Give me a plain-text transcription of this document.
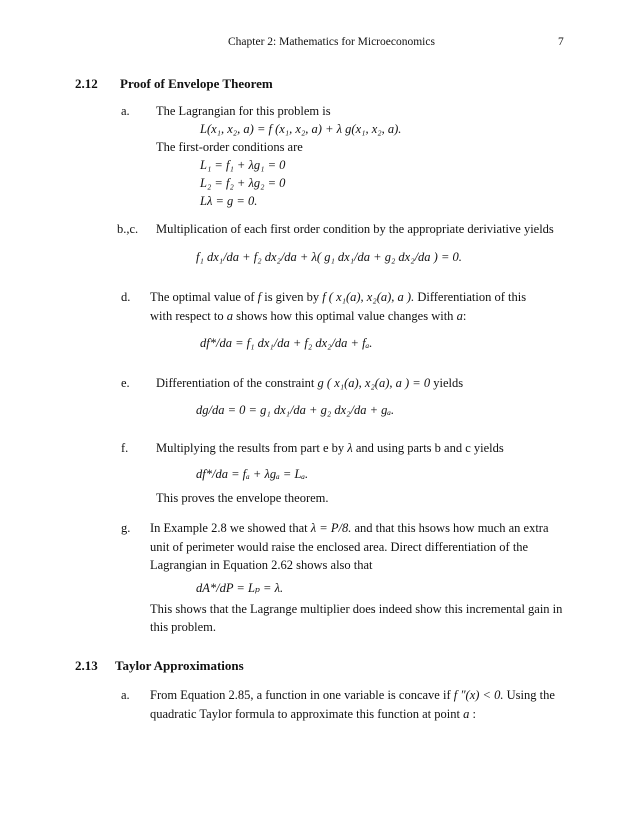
Chapter 2: Mathematics for Microeconomics	7
2.12 Proof of Envelope Theorem
a. The Lagrangian for this problem is
L(x₁, x₂, a) = f (x₁, x₂, a) + λ g(x₁, x₂, a).
The first-order conditions are
L₁ = f₁ + λg₁ = 0
L₂ = f₂ + λg₂ = 0
Lλ = g = 0.
b.,c. Multiplication of each first order condition by the appropriate deriviative yields
f₁ dx₁/da + f₂ dx₂/da + λ( g₁ dx₁/da + g₂ dx₂/da ) = 0.
d. The optimal value of f is given by f ( x₁(a), x₂(a), a ). Differentiation of this
with respect to a shows how this optimal value changes with a:
df*/da = f₁ dx₁/da + f₂ dx₂/da + fₐ.
e. Differentiation of the constraint g ( x₁(a), x₂(a), a ) = 0 yields
dg/da = 0 = g₁ dx₁/da + g₂ dx₂/da + gₐ.
f. Multiplying the results from part e by λ and using parts b and c yields
df*/da = fₐ + λgₐ = Lₐ.
This proves the envelope theorem.
g. In Example 2.8 we showed that λ = P/8. and that this hsows how much an extra
unit of perimeter would raise the enclosed area. Direct differentiation of the
Lagrangian in Equation 2.62 shows also that
dA*/dP = Lₚ = λ.
This shows that the Lagrange multiplier does indeed show this incremental gain in
this problem.
2.13 Taylor Approximations
a. From Equation 2.85, a function in one variable is concave if f ″(x) < 0. Using the
quadratic Taylor formula to approximate this function at point a :
